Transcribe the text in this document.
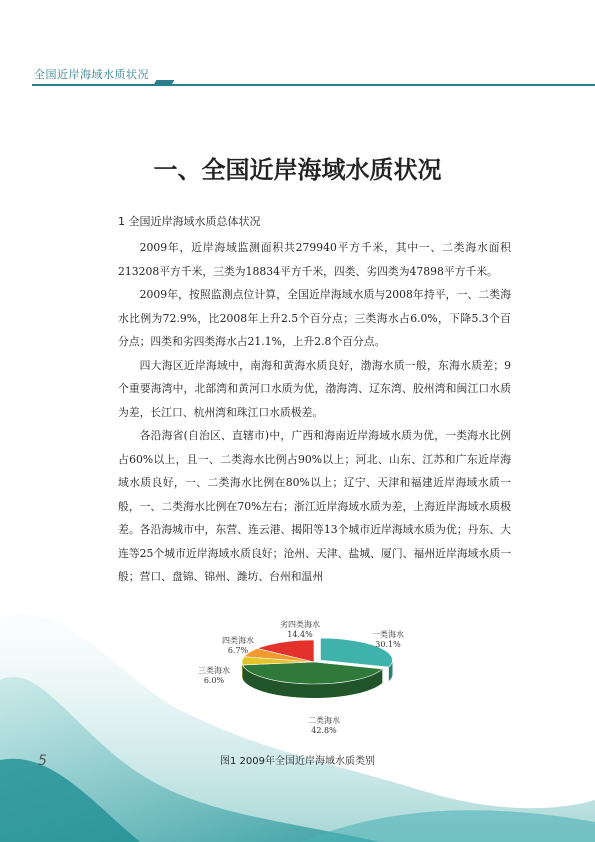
全国近岸海域水质状况
一、全国近岸海域水质状况
1 全国近岸海域水质总体状况

2009年，近岸海域监测面积共279940平方千米，其中一、二类海水面积213208平方千米，三类为18834平方千米，四类、劣四类为47898平方千米。

2009年，按照监测点位计算，全国近岸海域水质与2008年持平，一、二类海水比例为72.9%，比2008年上升2.5个百分点；三类海水占6.0%，下降5.3个百分点；四类和劣四类海水占21.1%，上升2.8个百分点。

四大海区近岸海域中，南海和黄海水质良好，渤海水质一般，东海水质差；9个重要海湾中，北部湾和黄河口水质为优，渤海湾、辽东湾、胶州湾和闽江口水质为差，长江口、杭州湾和珠江口水质极差。

各沿海省(自治区、直辖市)中，广西和海南近岸海域水质为优，一类海水比例占60%以上，且一、二类海水比例占90%以上；河北、山东、江苏和广东近岸海域水质良好，一、二类海水比例在80%以上；辽宁、天津和福建近岸海域水质一般，一、二类海水比例在70%左右；浙江近岸海域水质为差，上海近岸海域水质极差。各沿海城市中，东营、连云港、揭阳等13个城市近岸海域水质为优；丹东、大连等25个城市近岸海域水质良好；沧州、天津、盐城、厦门、福州近岸海域水质一般；营口、盘锦、锦州、潍坊、台州和温州

一类海水
30.1%
二类海水
42.8%
三类海水
6.0%
四类海水
6.7%
劣四类海水
14.4%
图1 2009年全国近岸海域水质类别
5
